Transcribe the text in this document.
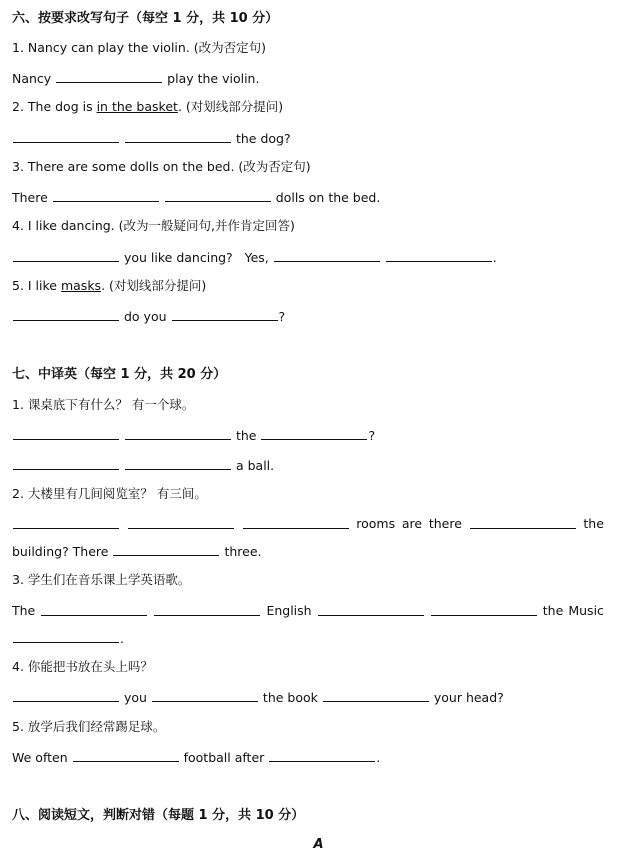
六、按要求改写句子（每空 1 分，共 10 分）
1. Nancy can play the violin. (改为否定句)
Nancy	play the violin.
2. The dog is in the basket. (对划线部分提问)
the dog?
3. There are some dolls on the bed. (改为否定句)
There	dolls on the bed.
4. I like dancing. (改为一般疑问句,并作肯定回答)
you like dancing? Yes,	.
5. I like masks. (对划线部分提问)
do you	?
七、中译英（每空 1 分，共 20 分）
1. 课桌底下有什么？ 有一个球。
the	?
a ball.
2. 大楼里有几间阅览室？ 有三间。
rooms are there	the
building? There	three.
3. 学生们在音乐课上学英语歌。
The	English	the Music
.
4. 你能把书放在头上吗？
you	the book	your head?
5. 放学后我们经常踢足球。
We often	football after	.
八、阅读短文，判断对错（每题 1 分，共 10 分）
A
